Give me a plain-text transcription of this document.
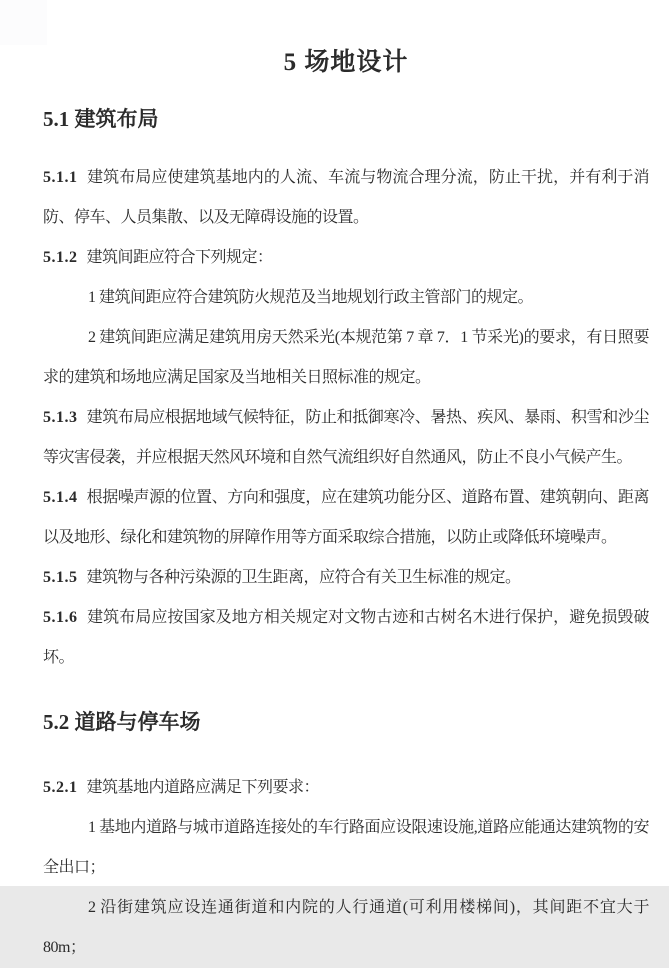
5 场地设计
5.1 建筑布局

5.1.1 建筑布局应使建筑基地内的人流、车流与物流合理分流，防止干扰，并有利于消防、停车、人员集散、以及无障碍设施的设置。

5.1.2 建筑间距应符合下列规定：

1 建筑间距应符合建筑防火规范及当地规划行政主管部门的规定。

2 建筑间距应满足建筑用房天然采光(本规范第 7 章 7．1 节采光)的要求，有日照要求的建筑和场地应满足国家及当地相关日照标准的规定。

5.1.3 建筑布局应根据地域气候特征，防止和抵御寒冷、暑热、疾风、暴雨、积雪和沙尘等灾害侵袭，并应根据天然风环境和自然气流组织好自然通风，防止不良小气候产生。

5.1.4 根据噪声源的位置、方向和强度，应在建筑功能分区、道路布置、建筑朝向、距离以及地形、绿化和建筑物的屏障作用等方面采取综合措施，以防止或降低环境噪声。

5.1.5 建筑物与各种污染源的卫生距离，应符合有关卫生标准的规定。

5.1.6 建筑布局应按国家及地方相关规定对文物古迹和古树名木进行保护，避免损毁破坏。

5.2 道路与停车场

5.2.1 建筑基地内道路应满足下列要求：

1 基地内道路与城市道路连接处的车行路面应设限速设施,道路应能通达建筑物的安全出口；

2 沿街建筑应设连通街道和内院的人行通道(可利用楼梯间)，其间距不宜大于 80m；
